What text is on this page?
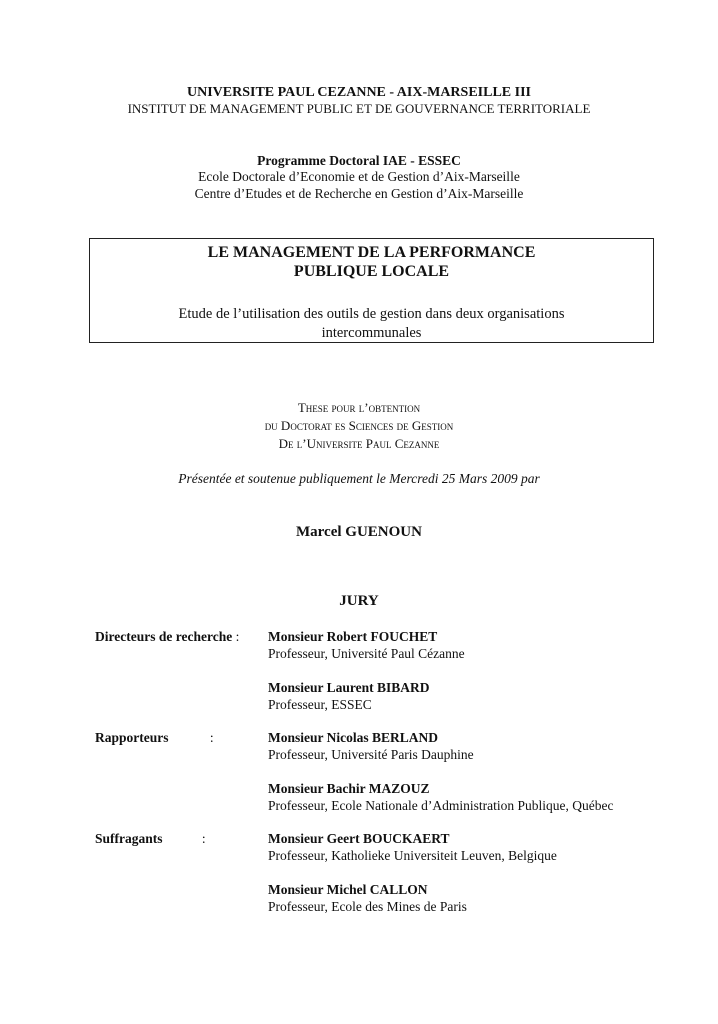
UNIVERSITE PAUL CEZANNE - AIX-MARSEILLE III
INSTITUT DE MANAGEMENT PUBLIC ET DE GOUVERNANCE TERRITORIALE
Programme Doctoral IAE - ESSEC
Ecole Doctorale d’Economie et de Gestion d’Aix-Marseille
Centre d’Etudes et de Recherche en Gestion d’Aix-Marseille
LE MANAGEMENT DE LA PERFORMANCE
PUBLIQUE LOCALE
Etude de l’utilisation des outils de gestion dans deux organisations
intercommunales
These pour l’obtention
du Doctorat es Sciences de Gestion
De l’Universite Paul Cezanne
Présentée et soutenue publiquement le Mercredi 25 Mars 2009 par
Marcel GUENOUN
JURY
Directeurs de recherche : Monsieur Robert FOUCHET
Professeur, Université Paul Cézanne
Monsieur Laurent BIBARD
Professeur, ESSEC
Rapporteurs	:	Monsieur Nicolas BERLAND
Professeur, Université Paris Dauphine
Monsieur Bachir MAZOUZ
Professeur, Ecole Nationale d’Administration Publique, Québec
Suffragants	:	Monsieur Geert BOUCKAERT
Professeur, Katholieke Universiteit Leuven, Belgique
Monsieur Michel CALLON
Professeur, Ecole des Mines de Paris
